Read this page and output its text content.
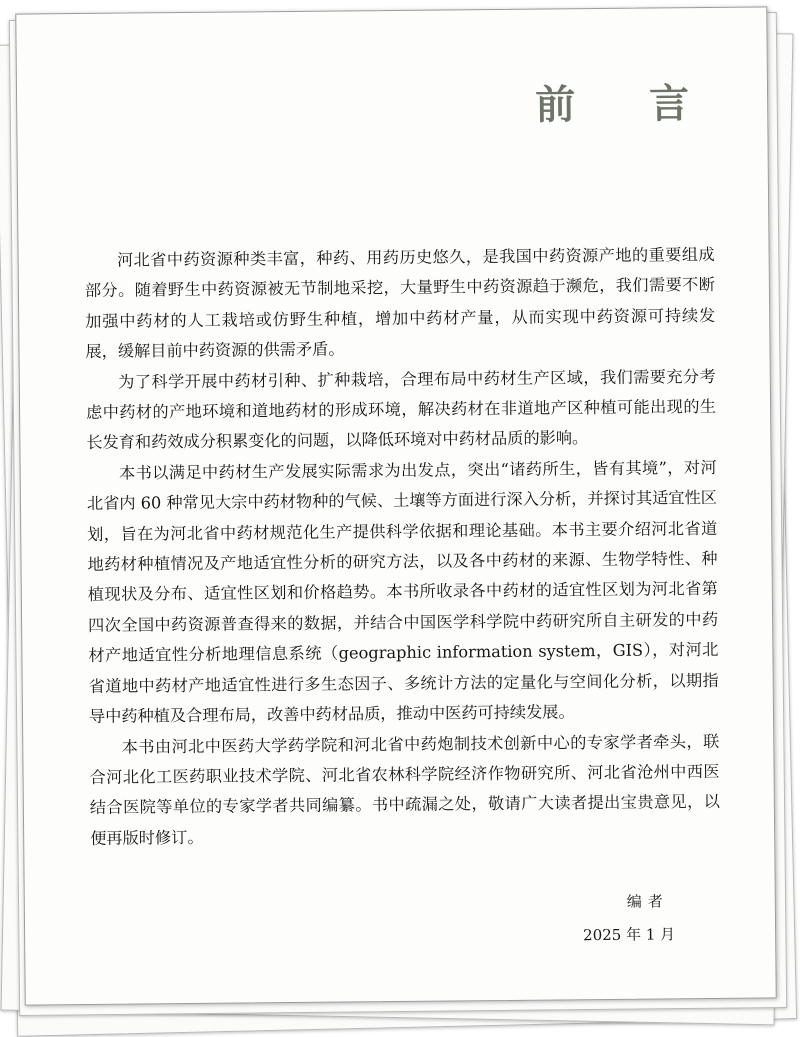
前 言

河北省中药资源种类丰富，种药、用药历史悠久，是我国中药资源产地的重要组成部分。随着野生中药资源被无节制地采挖，大量野生中药资源趋于濒危，我们需要不断加强中药材的人工栽培或仿野生种植，增加中药材产量，从而实现中药资源可持续发展，缓解目前中药资源的供需矛盾。

为了科学开展中药材引种、扩种栽培，合理布局中药材生产区域，我们需要充分考虑中药材的产地环境和道地药材的形成环境，解决药材在非道地产区种植可能出现的生长发育和药效成分积累变化的问题，以降低环境对中药材品质的影响。

本书以满足中药材生产发展实际需求为出发点，突出“诸药所生，皆有其境”，对河北省内 60 种常见大宗中药材物种的气候、土壤等方面进行深入分析，并探讨其适宜性区划，旨在为河北省中药材规范化生产提供科学依据和理论基础。本书主要介绍河北省道地药材种植情况及产地适宜性分析的研究方法，以及各中药材的来源、生物学特性、种植现状及分布、适宜性区划和价格趋势。本书所收录各中药材的适宜性区划为河北省第四次全国中药资源普查得来的数据，并结合中国医学科学院中药研究所自主研发的中药材产地适宜性分析地理信息系统（geographic information system，GIS），对河北省道地中药材产地适宜性进行多生态因子、多统计方法的定量化与空间化分析，以期指导中药种植及合理布局，改善中药材品质，推动中医药可持续发展。

本书由河北中医药大学药学院和河北省中药炮制技术创新中心的专家学者牵头，联合河北化工医药职业技术学院、河北省农林科学院经济作物研究所、河北省沧州中西医结合医院等单位的专家学者共同编纂。书中疏漏之处，敬请广大读者提出宝贵意见，以便再版时修订。

编者

2025 年 1 月
